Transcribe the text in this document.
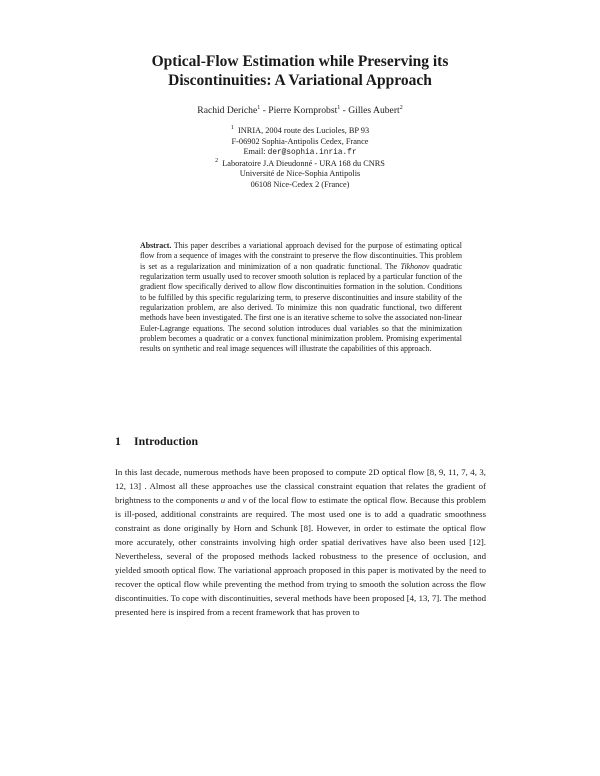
Optical-Flow Estimation while Preserving its
Discontinuities: A Variational Approach
Rachid Deriche$^1$ - Pierre Kornprobst$^1$ - Gilles Aubert$^2$
$^1$ INRIA, 2004 route des Lucioles, BP 93
F-06902 Sophia-Antipolis Cedex, France
Email: der@sophia.inria.fr
$^2$ Laboratoire J.A Dieudonné - URA 168 du CNRS
Université de Nice-Sophia Antipolis
06108 Nice-Cedex 2 (France)

Abstract. This paper describes a variational approach devised for the purpose of estimating optical flow from a sequence of images with the constraint to preserve the flow discontinuities. This problem is set as a regularization and minimization of a non quadratic functional. The Tikhonov quadratic regularization term usually used to recover smooth solution is replaced by a particular function of the gradient flow specifically derived to allow flow discontinuities formation in the solution. Conditions to be fulfilled by this specific regularizing term, to preserve discontinuities and insure stability of the regularization problem, are also derived. To minimize this non quadratic functional, two different methods have been investigated. The first one is an iterative scheme to solve the associated non-linear Euler-Lagrange equations. The second solution introduces dual variables so that the minimization problem becomes a quadratic or a convex functional minimization problem. Promising experimental results on synthetic and real image sequences will illustrate the capabilities of this approach.

1 Introduction

In this last decade, numerous methods have been proposed to compute 2D optical flow [8, 9, 11, 7, 4, 3, 12, 13] . Almost all these approaches use the classical constraint equation that relates the gradient of brightness to the components u and v of the local flow to estimate the optical flow. Because this problem is ill-posed, additional constraints are required. The most used one is to add a quadratic smoothness constraint as done originally by Horn and Schunk [8]. However, in order to estimate the optical flow more accurately, other constraints involving high order spatial derivatives have also been used [12]. Nevertheless, several of the proposed methods lacked robustness to the presence of occlusion, and yielded smooth optical flow. The variational approach proposed in this paper is motivated by the need to recover the optical flow while preventing the method from trying to smooth the solution across the flow discontinuities. To cope with discontinuities, several methods have been proposed [4, 13, 7]. The method presented here is inspired from a recent framework that has proven to
